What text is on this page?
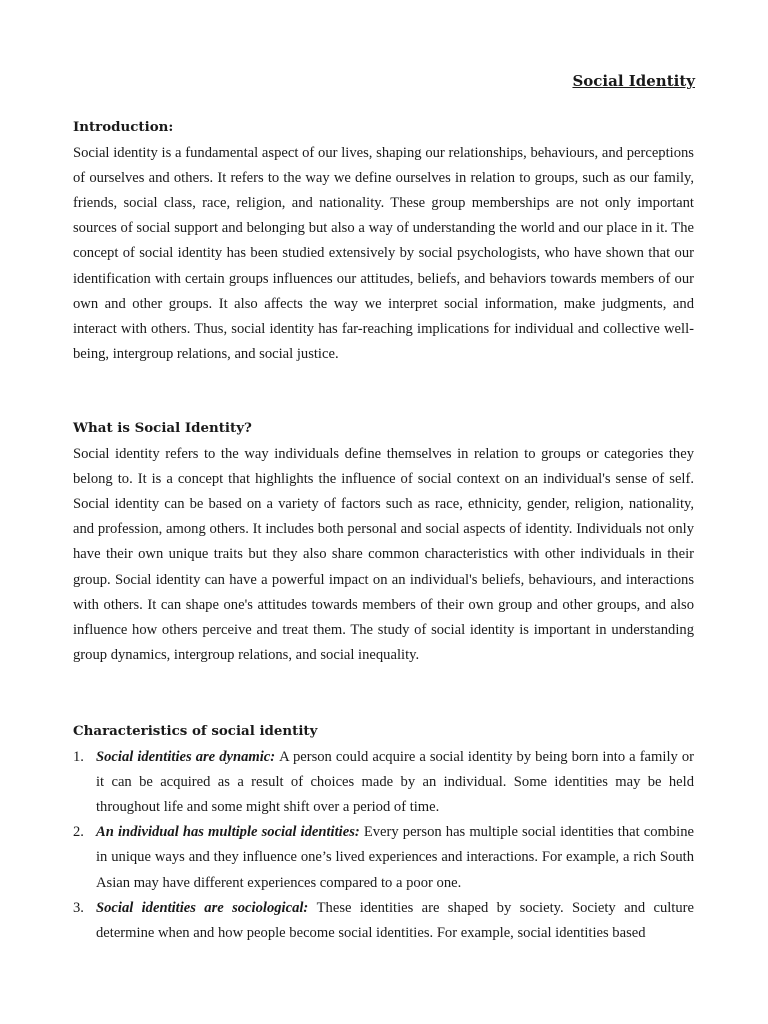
Social Identity
Introduction:

Social identity is a fundamental aspect of our lives, shaping our relationships, behaviours, and perceptions of ourselves and others. It refers to the way we define ourselves in relation to groups, such as our family, friends, social class, race, religion, and nationality. These group memberships are not only important sources of social support and belonging but also a way of understanding the world and our place in it. The concept of social identity has been studied extensively by social psychologists, who have shown that our identification with certain groups influences our attitudes, beliefs, and behaviors towards members of our own and other groups. It also affects the way we interpret social information, make judgments, and interact with others. Thus, social identity has far-reaching implications for individual and collective well-being, intergroup relations, and social justice.

What is Social Identity?

Social identity refers to the way individuals define themselves in relation to groups or categories they belong to. It is a concept that highlights the influence of social context on an individual's sense of self. Social identity can be based on a variety of factors such as race, ethnicity, gender, religion, nationality, and profession, among others. It includes both personal and social aspects of identity. Individuals not only have their own unique traits but they also share common characteristics with other individuals in their group. Social identity can have a powerful impact on an individual's beliefs, behaviours, and interactions with others. It can shape one's attitudes towards members of their own group and other groups, and also influence how others perceive and treat them. The study of social identity is important in understanding group dynamics, intergroup relations, and social inequality.

Characteristics of social identity
1. Social identities are dynamic: A person could acquire a social identity by being born into a family or it can be acquired as a result of choices made by an individual. Some identities may be held throughout life and some might shift over a period of time.
2. An individual has multiple social identities: Every person has multiple social identities that combine in unique ways and they influence one’s lived experiences and interactions. For example, a rich South Asian may have different experiences compared to a poor one.
3. Social identities are sociological: These identities are shaped by society. Society and culture determine when and how people become social identities. For example, social identities based
